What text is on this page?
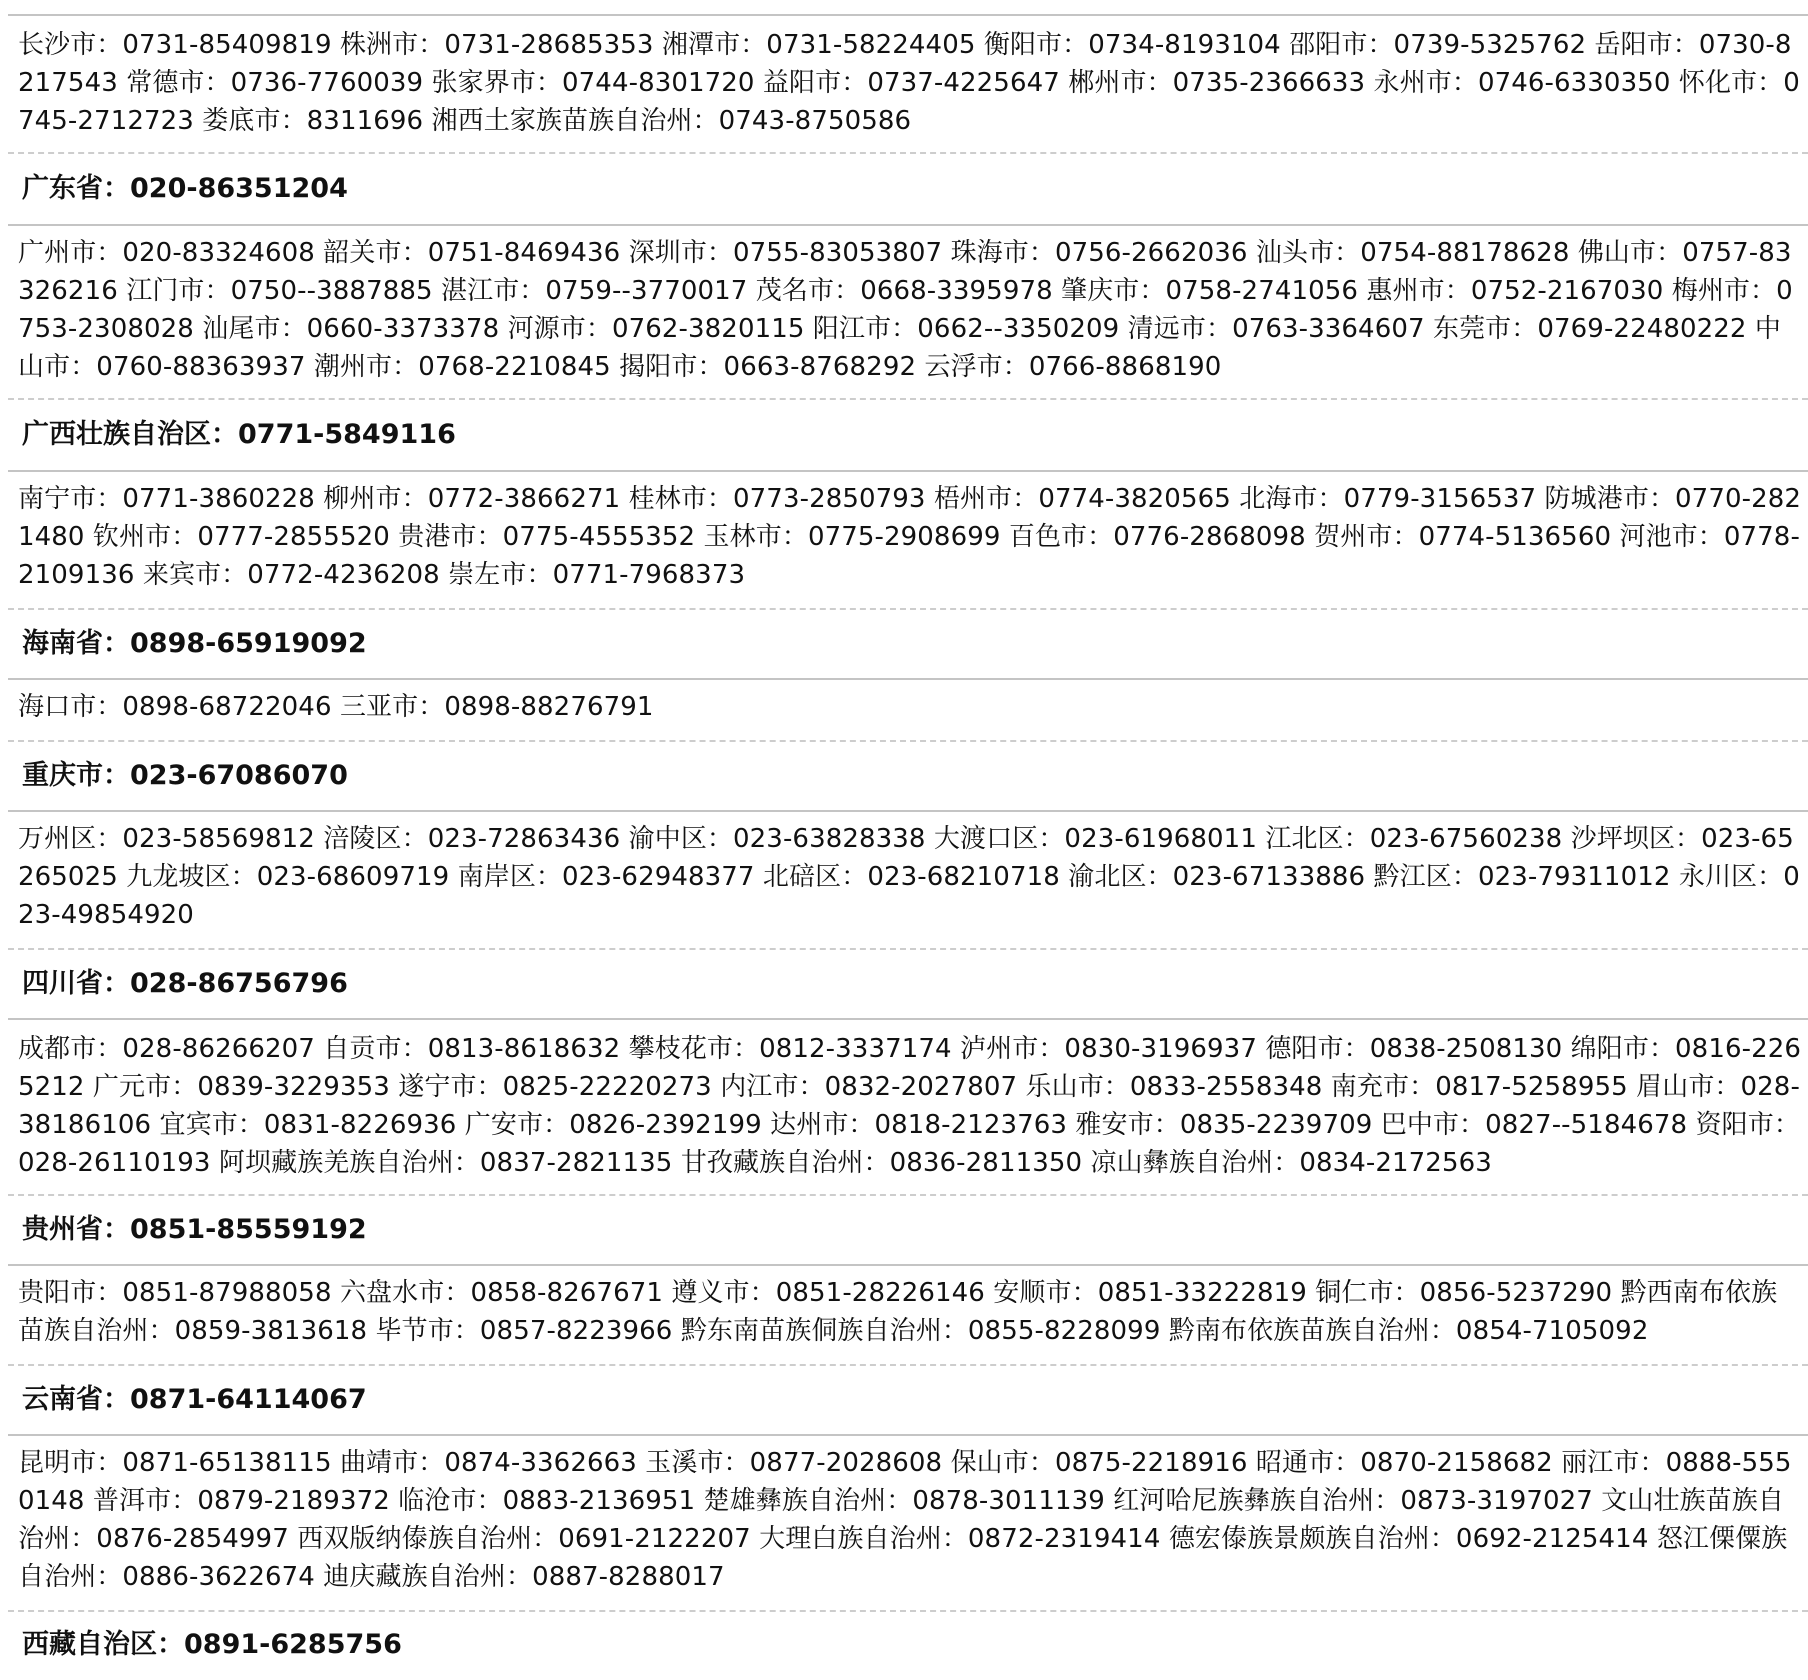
长沙市：0731-85409819 株洲市：0731-28685353 湘潭市：0731-58224405 衡阳市：0734-8193104 邵阳市：0739-5325762 岳阳市：0730-8217543 常德市：0736-7760039 张家界市：0744-8301720 益阳市：0737-4225647 郴州市：0735-2366633 永州市：0746-6330350 怀化市：0745-2712723 娄底市：8311696 湘西土家族苗族自治州：0743-8750586
广东省：020-86351204
广州市：020-83324608 韶关市：0751-8469436 深圳市：0755-83053807 珠海市：0756-2662036 汕头市：0754-88178628 佛山市：0757-83326216 江门市：0750--3887885 湛江市：0759--3770017 茂名市：0668-3395978 肇庆市：0758-2741056 惠州市：0752-2167030 梅州市：0753-2308028 汕尾市：0660-3373378 河源市：0762-3820115 阳江市：0662--3350209 清远市：0763-3364607 东莞市：0769-22480222 中山市：0760-88363937 潮州市：0768-2210845 揭阳市：0663-8768292 云浮市：0766-8868190
广西壮族自治区：0771-5849116
南宁市：0771-3860228 柳州市：0772-3866271 桂林市：0773-2850793 梧州市：0774-3820565 北海市：0779-3156537 防城港市：0770-2821480 钦州市：0777-2855520 贵港市：0775-4555352 玉林市：0775-2908699 百色市：0776-2868098 贺州市：0774-5136560 河池市：0778-2109136 来宾市：0772-4236208 崇左市：0771-7968373
海南省：0898-65919092
海口市：0898-68722046 三亚市：0898-88276791
重庆市：023-67086070
万州区：023-58569812 涪陵区：023-72863436 渝中区：023-63828338 大渡口区：023-61968011 江北区：023-67560238 沙坪坝区：023-65265025 九龙坡区：023-68609719 南岸区：023-62948377 北碚区：023-68210718 渝北区：023-67133886 黔江区：023-79311012 永川区：023-49854920
四川省：028-86756796
成都市：028-86266207 自贡市：0813-8618632 攀枝花市：0812-3337174 泸州市：0830-3196937 德阳市：0838-2508130 绵阳市：0816-2265212 广元市：0839-3229353 遂宁市：0825-22220273 内江市：0832-2027807 乐山市：0833-2558348 南充市：0817-5258955 眉山市：028-38186106 宜宾市：0831-8226936 广安市：0826-2392199 达州市：0818-2123763 雅安市：0835-2239709 巴中市：0827--5184678 资阳市：028-26110193 阿坝藏族羌族自治州：0837-2821135 甘孜藏族自治州：0836-2811350 凉山彝族自治州：0834-2172563
贵州省：0851-85559192
贵阳市：0851-87988058 六盘水市：0858-8267671 遵义市：0851-28226146 安顺市：0851-33222819 铜仁市：0856-5237290 黔西南布依族苗族自治州：0859-3813618 毕节市：0857-8223966 黔东南苗族侗族自治州：0855-8228099 黔南布依族苗族自治州：0854-7105092
云南省：0871-64114067
昆明市：0871-65138115 曲靖市：0874-3362663 玉溪市：0877-2028608 保山市：0875-2218916 昭通市：0870-2158682 丽江市：0888-5550148 普洱市：0879-2189372 临沧市：0883-2136951 楚雄彝族自治州：0878-3011139 红河哈尼族彝族自治州：0873-3197027 文山壮族苗族自治州：0876-2854997 西双版纳傣族自治州：0691-2122207 大理白族自治州：0872-2319414 德宏傣族景颇族自治州：0692-2125414 怒江傈僳族自治州：0886-3622674 迪庆藏族自治州：0887-8288017
西藏自治区：0891-6285756
